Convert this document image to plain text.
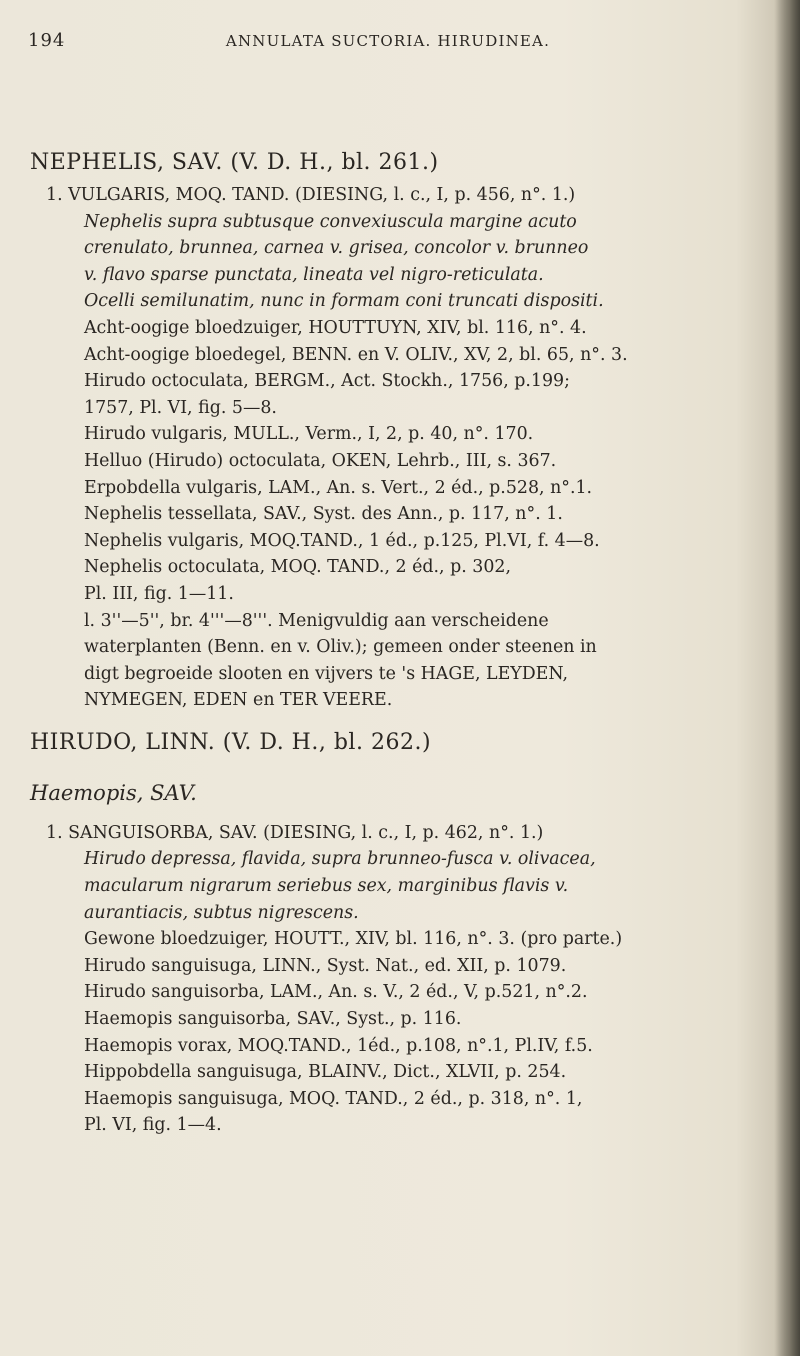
194	ANNULATA SUCTORIA. HIRUDINEA.
NEPHELIS, SAV. (V. D. H., bl. 261.)
1. VULGARIS, MOQ. TAND. (DIESING, l. c., I, p. 456, n°. 1.)
Nephelis supra subtusque convexiuscula margine acuto
crenulato, brunnea, carnea v. grisea, concolor v. brunneo
v. flavo sparse punctata, lineata vel nigro-reticulata.
Ocelli semilunatim, nunc in formam coni truncati dispositi.
Acht-oogige bloedzuiger, HOUTTUYN, XIV, bl. 116, n°. 4.
Acht-oogige bloedegel, BENN. en V. OLIV., XV, 2, bl. 65, n°. 3.
Hirudo octoculata, BERGM., Act. Stockh., 1756, p.199;
1757, Pl. VI, fig. 5—8.
Hirudo vulgaris, MULL., Verm., I, 2, p. 40, n°. 170.
Helluo (Hirudo) octoculata, OKEN, Lehrb., III, s. 367.
Erpobdella vulgaris, LAM., An. s. Vert., 2 éd., p.528, n°.1.
Nephelis tessellata, SAV., Syst. des Ann., p. 117, n°. 1.
Nephelis vulgaris, MOQ.TAND., 1 éd., p.125, Pl.VI, f. 4—8.
Nephelis octoculata, MOQ. TAND., 2 éd., p. 302,
Pl. III, fig. 1—11.
l. 3''—5'', br. 4'''—8'''. Menigvuldig aan verscheidene
waterplanten (Benn. en v. Oliv.); gemeen onder steenen in
digt begroeide slooten en vijvers te 's HAGE, LEYDEN,
NYMEGEN, EDEN en TER VEERE.
HIRUDO, LINN. (V. D. H., bl. 262.)
Haemopis, SAV.
1. SANGUISORBA, SAV. (DIESING, l. c., I, p. 462, n°. 1.)
Hirudo depressa, flavida, supra brunneo-fusca v. olivacea,
macularum nigrarum seriebus sex, marginibus flavis v.
aurantiacis, subtus nigrescens.
Gewone bloedzuiger, HOUTT., XIV, bl. 116, n°. 3. (pro parte.)
Hirudo sanguisuga, LINN., Syst. Nat., ed. XII, p. 1079.
Hirudo sanguisorba, LAM., An. s. V., 2 éd., V, p.521, n°.2.
Haemopis sanguisorba, SAV., Syst., p. 116.
Haemopis vorax, MOQ.TAND., 1éd., p.108, n°.1, Pl.IV, f.5.
Hippobdella sanguisuga, BLAINV., Dict., XLVII, p. 254.
Haemopis sanguisuga, MOQ. TAND., 2 éd., p. 318, n°. 1,
Pl. VI, fig. 1—4.
